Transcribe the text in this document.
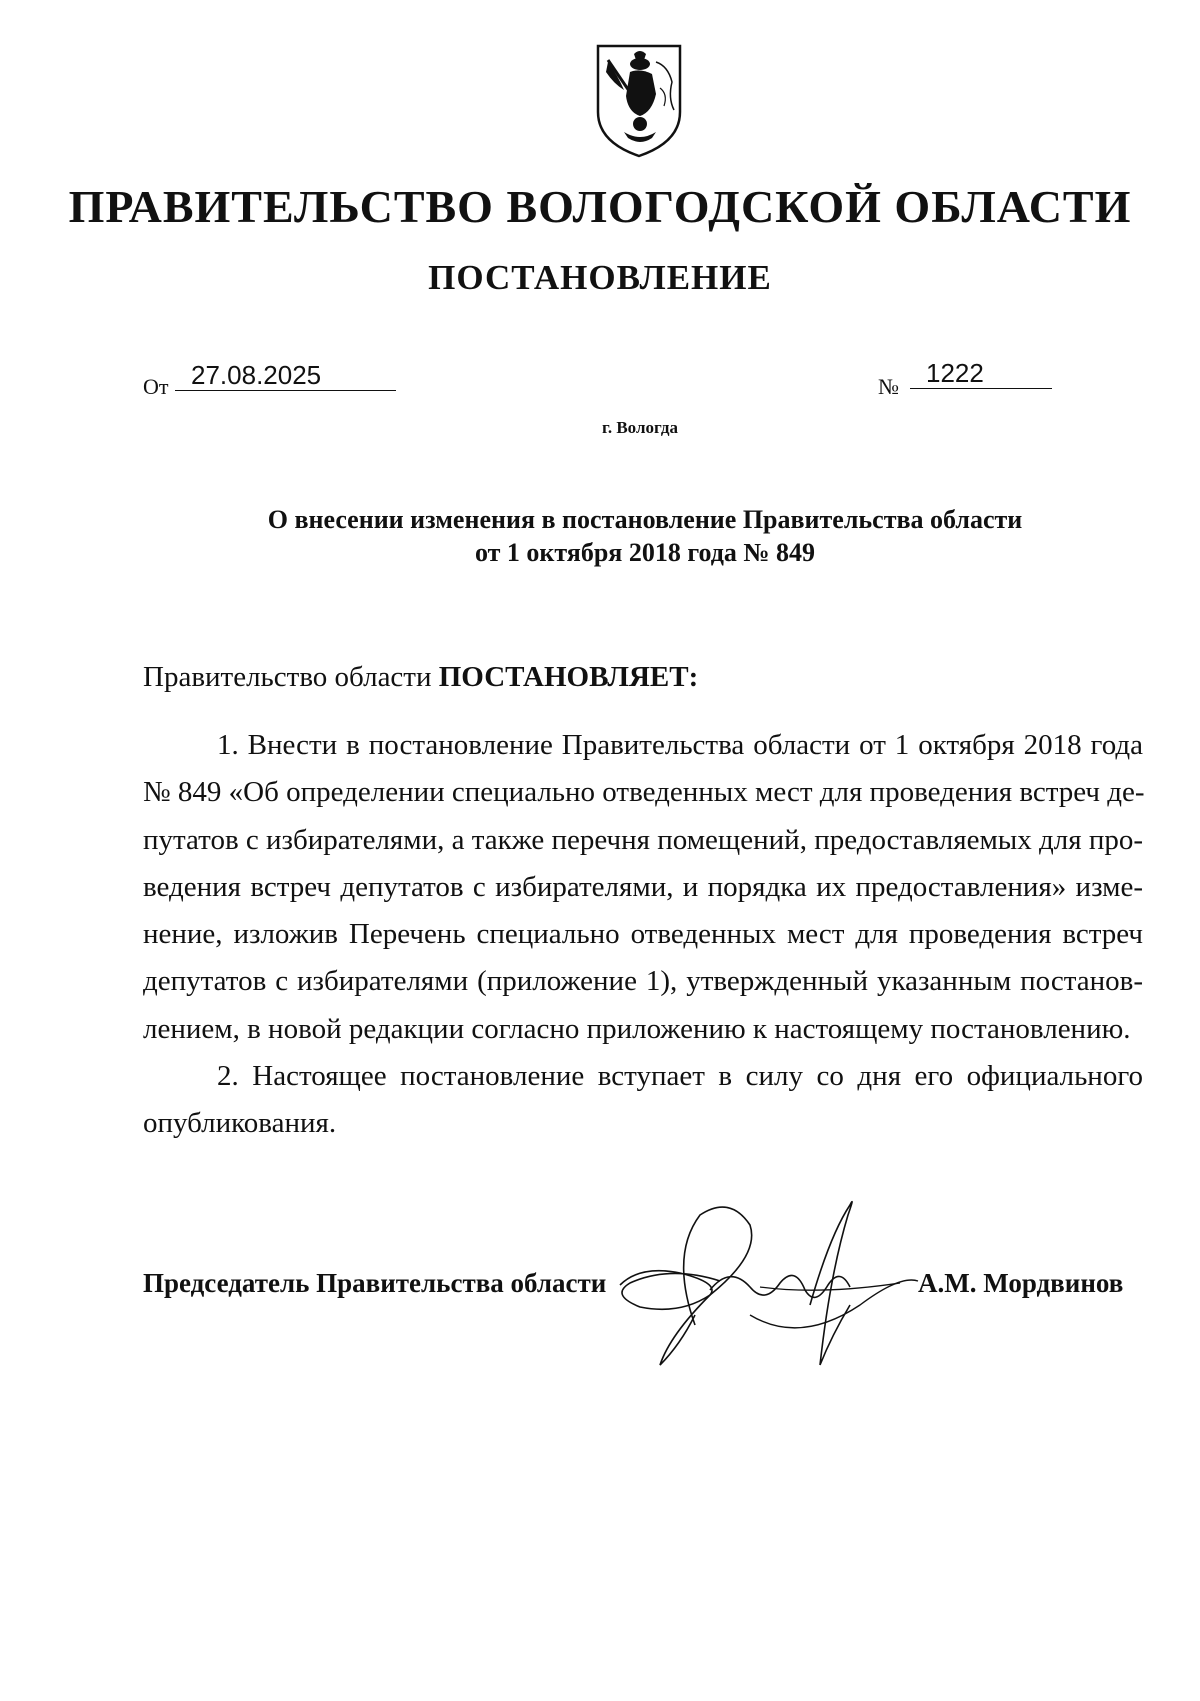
ПРАВИТЕЛЬСТВО ВОЛОГОДСКОЙ ОБЛАСТИ
ПОСТАНОВЛЕНИЕ
От 27.08.2025	№	1222
г. Вологда
О внесении изменения в постановление Правительства области
от 1 октября 2018 года № 849
Правительство области ПОСТАНОВЛЯЕТ:
1. Внести в постановление Правительства области от 1 октября 2018 года
№ 849 «Об определении специально отведенных мест для проведения встреч де-
путатов с избирателями, а также перечня помещений, предоставляемых для про-
ведения встреч депутатов с избирателями, и порядка их предоставления» изме-
нение, изложив Перечень специально отведенных мест для проведения встреч
депутатов с избирателями (приложение 1), утвержденный указанным постанов-
лением, в новой редакции согласно приложению к настоящему постановлению.
2. Настоящее постановление вступает в силу со дня его официального
опубликования.
Председатель Правительства области	А.М. Мордвинов
